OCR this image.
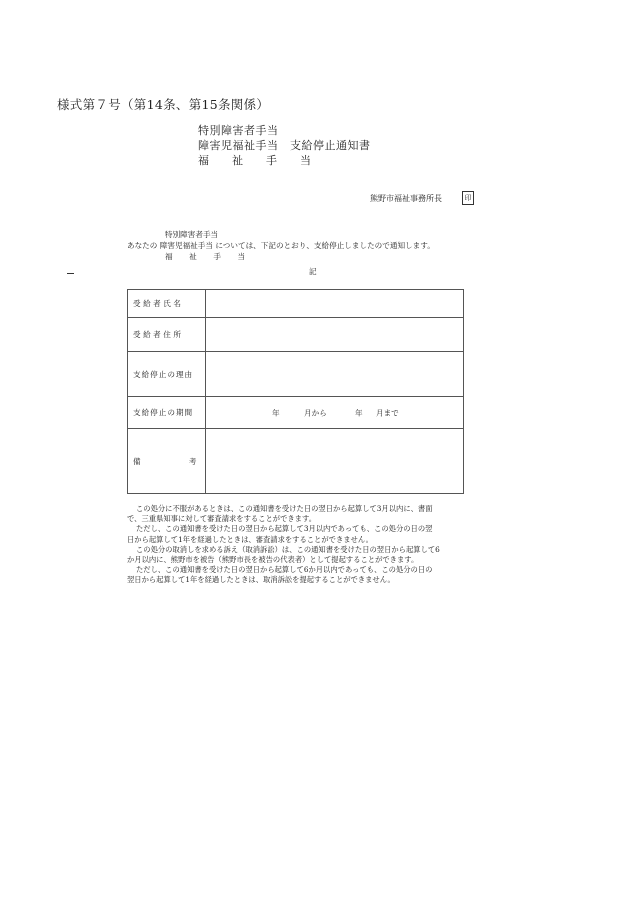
様式第７号（第14条、第15条関係）
特別障害者手当
障害児福祉手当　支給停止通知書
福　祉　手　当
熊野市福祉事務所長	印
特別障害者手当
あなたの 障害児福祉手当 については、下記のとおり、支給停止しましたので通知します。
福　祉　手　当
記
受給者氏名	
受給者住所	
支給停止の理由	
支給停止の期間	年 月から 年 月まで

備 考	

この処分に不服があるときは、この通知書を受けた日の翌日から起算して3月以内に、書面

で、三重県知事に対して審査請求をすることができます。

ただし、この通知書を受けた日の翌日から起算して3月以内であっても、この処分の日の翌

日から起算して1年を経過したときは、審査請求をすることができません。

この処分の取消しを求める訴え（取消訴訟）は、この通知書を受けた日の翌日から起算して6

か月以内に、熊野市を被告（熊野市長を被告の代表者）として提起することができます。

ただし、この通知書を受けた日の翌日から起算して6か月以内であっても、この処分の日の

翌日から起算して1年を経過したときは、取消訴訟を提起することができません。
